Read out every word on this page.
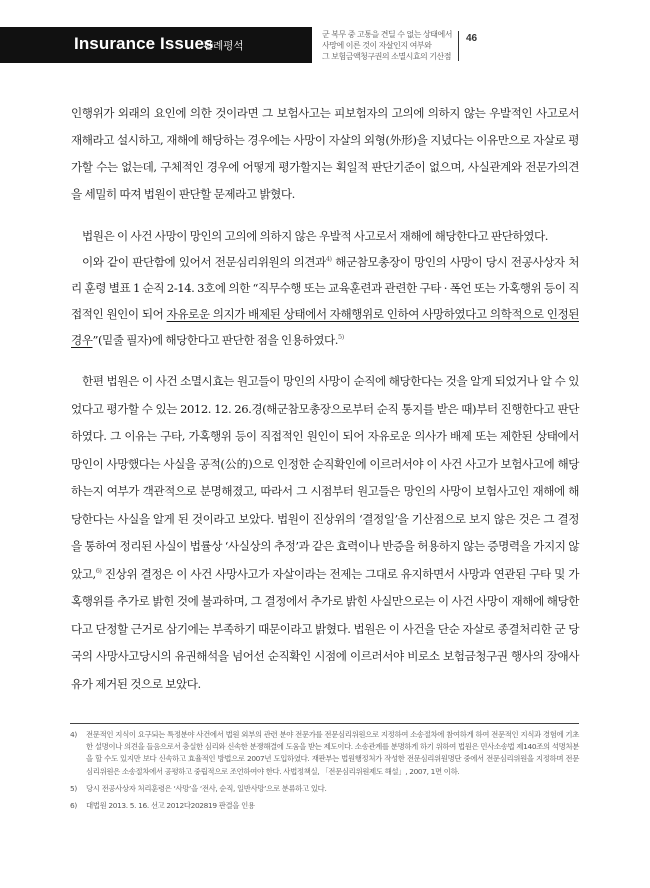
Insurance Issues
판례평석
군 복무 중 고통을 견딜 수 없는 상태에서
사망에 이른 것이 자살인지 여부와
그 보험금액청구권의 소멸시효의 기산점
46

인행위가 외래의 요인에 의한 것이라면 그 보험사고는 피보험자의 고의에 의하지 않는 우발적인 사고로서 재해라고 설시하고, 재해에 해당하는 경우에는 사망이 자살의 외형(外形)을 지녔다는 이유만으로 자살로 평가할 수는 없는데, 구체적인 경우에 어떻게 평가할지는 획일적 판단기준이 없으며, 사실관계와 전문가의견을 세밀히 따져 법원이 판단할 문제라고 밝혔다.

법원은 이 사건 사망이 망인의 고의에 의하지 않은 우발적 사고로서 재해에 해당한다고 판단하였다.

이와 같이 판단함에 있어서 전문심리위원의 의견과$^{4)}$ 해군참모총장이 망인의 사망이 당시 전공사상자 처리 훈령 별표 1 순직 2-14. 3호에 의한 “직무수행 또는 교육훈련과 관련한 구타 · 폭언 또는 가혹행위 등이 직접적인 원인이 되어 자유로운 의지가 배제된 상태에서 자해행위로 인하여 사망하였다고 의학적으로 인정된 경우”(밑줄 필자)에 해당한다고 판단한 점을 인용하였다.$^{5)}$

한편 법원은 이 사건 소멸시효는 원고들이 망인의 사망이 순직에 해당한다는 것을 알게 되었거나 알 수 있었다고 평가할 수 있는 2012. 12. 26.경(해군참모총장으로부터 순직 통지를 받은 때)부터 진행한다고 판단하였다. 그 이유는 구타, 가혹행위 등이 직접적인 원인이 되어 자유로운 의사가 배제 또는 제한된 상태에서 망인이 사망했다는 사실을 공적(公的)으로 인정한 순직확인에 이르러서야 이 사건 사고가 보험사고에 해당하는지 여부가 객관적으로 분명해졌고, 따라서 그 시점부터 원고들은 망인의 사망이 보험사고인 재해에 해당한다는 사실을 알게 된 것이라고 보았다. 법원이 진상위의 ‘결정일’을 기산점으로 보지 않은 것은 그 결정을 통하여 정리된 사실이 법률상 ‘사실상의 추정’과 같은 효력이나 반증을 허용하지 않는 증명력을 가지지 않았고,$^{6)}$ 진상위 결정은 이 사건 사망사고가 자살이라는 전제는 그대로 유지하면서 사망과 연관된 구타 및 가혹행위를 추가로 밝힌 것에 불과하며, 그 결정에서 추가로 밝힌 사실만으로는 이 사건 사망이 재해에 해당한다고 단정할 근거로 삼기에는 부족하기 때문이라고 밝혔다. 법원은 이 사건을 단순 자살로 종결처리한 군 당국의 사망사고당시의 유권해석을 넘어선 순직확인 시점에 이르러서야 비로소 보험금청구권 행사의 장애사유가 제거된 것으로 보았다.

4)	전문적인 지식이 요구되는 특정분야 사건에서 법원 외부의 관련 분야 전문가를 전문심리위원으로 지정하여 소송절차에 참여하게 하여 전문적인 지식과 경험에 기초한 설명이나 의견을 들음으로서 충실한 심리와 신속한 분쟁해결에 도움을 받는 제도이다. 소송관계를 분명하게 하기 위하여 법원은 민사소송법 제140조의 석명처분을 할 수도 있지만 보다 신속하고 효율적인 방법으로 2007년 도입하였다. 재판부는 법원행정처가 작성한 전문심리위원명단 중에서 전문심리위원을 지정하며 전문심리위원은 소송절차에서 공평하고 중립적으로 조언하여야 한다. 사법정책실, 「전문심리위원제도 해설」, 2007, 1면 이하.
5)	당시 전공사상자 처리훈령은 ‘사망’을 ‘전사, 순직, 일반사망’으로 분류하고 있다.
6)	대법원 2013. 5. 16. 선고 2012다202819 판결을 인용
